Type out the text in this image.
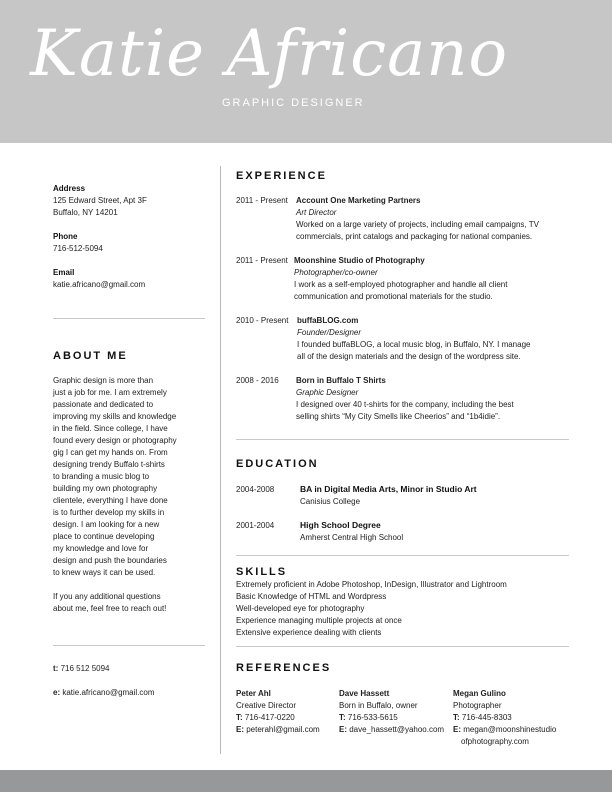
Katie Africano
GRAPHIC DESIGNER
Address
125 Edward Street, Apt 3F
Buffalo, NY 14201
Phone
716-512-5094
Email
katie.africano@gmail.com
ABOUT ME
Graphic design is more than
just a job for me. I am extremely
passionate and dedicated to
improving my skills and knowledge
in the field. Since college, I have
found every design or photography
gig I can get my hands on. From
designing trendy Buffalo t-shirts
to branding a music blog to
building my own photography
clientele, everything I have done
is to further develop my skills in
design. I am looking for a new
place to continue developing
my knowledge and love for
design and push the boundaries
to knew ways it can be used.
If you any additional questions
about me, feel free to reach out!
t: 716 512 5094
e: katie.africano@gmail.com
EXPERIENCE
2011 - Present Account One Marketing Partners
Art Director
Worked on a large variety of projects, including email campaigns, TV
commercials, print catalogs and packaging for national companies.
2011 - Present Moonshine Studio of Photography
Photographer/co-owner
I work as a self-employed photographer and handle all client
communication and promotional materials for the studio.
2010 - Present buffaBLOG.com
Founder/Designer
I founded buffaBLOG, a local music blog, in Buffalo, NY. I manage
all of the design materials and the design of the wordpress site.
2008 - 2016 Born in Buffalo T Shirts
Graphic Designer
I designed over 40 t-shirts for the company, including the best
selling shirts “My City Smells like Cheerios” and “1b4idie”.
EDUCATION
2004-2008	BA in Digital Media Arts, Minor in Studio Art
Canisius College
2001-2004	High School Degree
Amherst Central High School
SKILLS
Extremely proficient in Adobe Photoshop, InDesign, Illustrator and Lightroom
Basic Knowledge of HTML and Wordpress
Well-developed eye for photography
Experience managing multiple projects at once
Extensive experience dealing with clients
REFERENCES
Peter Ahl
Creative Director
T: 716-417-0220
E: peterahl@gmail.com
Dave Hassett
Born in Buffalo, owner
T: 716-533-5615
E: dave_hassett@yahoo.com
Megan Gulino
Photographer
T: 716-445-8303
E: megan@moonshinestudio
ofphotography.com
